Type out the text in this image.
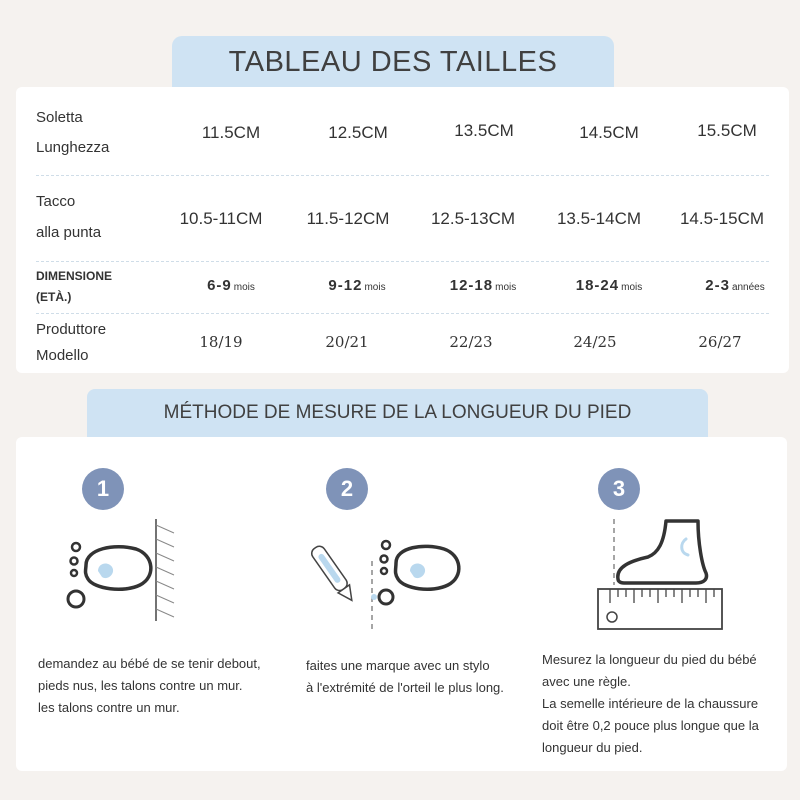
TABLEAU DES TAILLES
Soletta
Lunghezza
11.5CM	12.5CM	13.5CM	14.5CM	15.5CM
Tacco
alla punta
10.5-11CM	11.5-12CM	12.5-13CM	13.5-14CM	14.5-15CM
DIMENSIONE
(ETÀ.)
6-9 mois	9-12 mois	12-18 mois	18-24 mois	2-3 années
Produttore
Modello
18/19	20/21	22/23	24/25	26/27
MÉTHODE DE MESURE DE LA LONGUEUR DU PIED
1

demandez au bébé de se tenir debout,

pieds nus, les talons contre un mur.

les talons contre un mur.

2

faites une marque avec un stylo

à l'extrémité de l'orteil le plus long.

3

Mesurez la longueur du pied du bébé

avec une règle.

La semelle intérieure de la chaussure

doit être 0,2 pouce plus longue que la

longueur du pied.
